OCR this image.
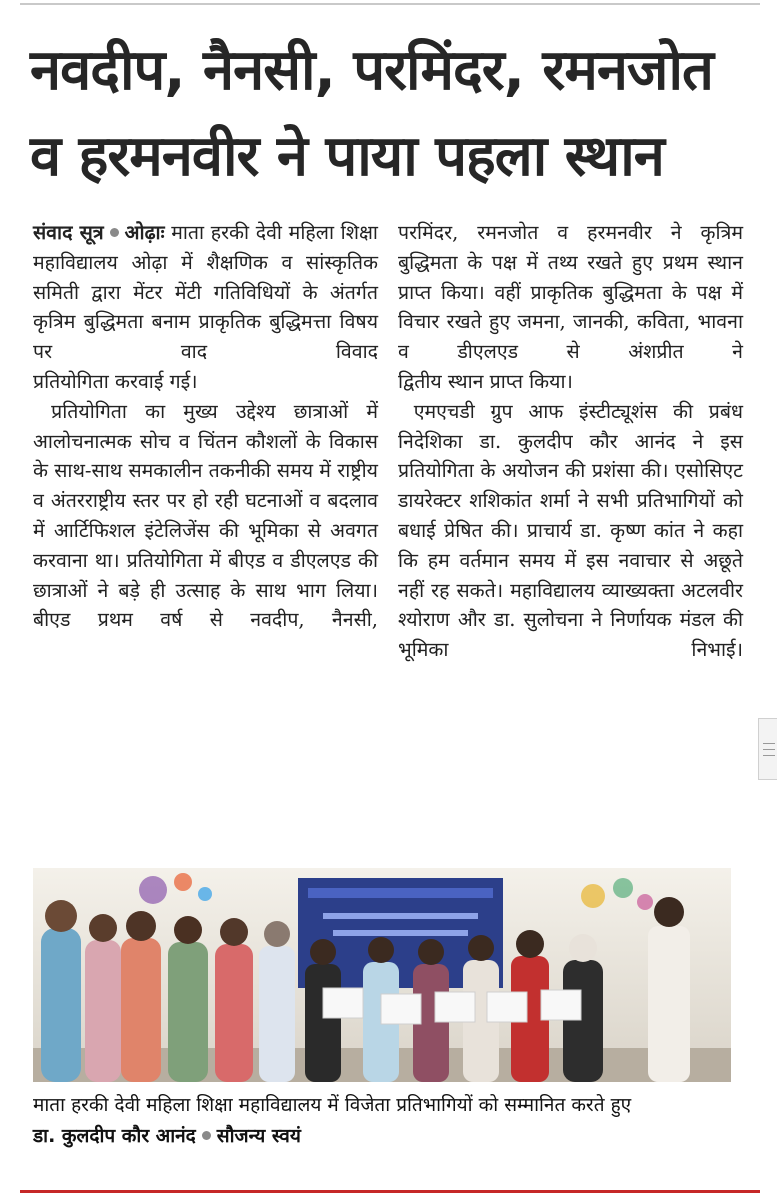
नवदीप, नैनसी, परमिंदर, रमनजोत
व हरमनवीर ने पाया पहला स्थान

संवाद सूत्र ओढ़ाः माता हरकी देवी महिला शिक्षा महाविद्यालय ओढ़ा में शैक्षणिक व सांस्कृतिक समिती द्वारा मेंटर मेंटी गतिविधियों के अंतर्गत कृत्रिम बुद्धिमता बनाम प्राकृतिक बुद्धिमत्ता विषय पर वाद विवाद

प्रतियोगिता करवाई गई।

प्रतियोगिता का मुख्य उद्देश्य छात्राओं में आलोचनात्मक सोच व चिंतन कौशलों के विकास के साथ-साथ समकालीन तकनीकी समय में राष्ट्रीय व अंतरराष्ट्रीय स्तर पर हो रही घटनाओं व बदलाव में आर्टिफिशल इंटेलिजेंस की भूमिका से अवगत करवाना था। प्रतियोगिता में बीएड व डीएलएड की छात्राओं ने बड़े ही उत्साह के साथ भाग लिया। बीएड प्रथम वर्ष से नवदीप, नैनसी,

परमिंदर, रमनजोत व हरमनवीर ने कृत्रिम बुद्धिमता के पक्ष में तथ्य रखते हुए प्रथम स्थान प्राप्त किया। वहीं प्राकृतिक बुद्धिमता के पक्ष में विचार रखते हुए जमना, जानकी, कविता, भावना व डीएलएड से अंशप्रीत ने

द्वितीय स्थान प्राप्त किया।

एमएचडी ग्रुप आफ इंस्टीट्यूशंस की प्रबंध निदेशिका डा. कुलदीप कौर आनंद ने इस प्रतियोगिता के अयोजन की प्रशंसा की। एसोसिएट डायरेक्टर शशिकांत शर्मा ने सभी प्रतिभागियों को बधाई प्रेषित की। प्राचार्य डा. कृष्ण कांत ने कहा कि हम वर्तमान समय में इस नवाचार से अछूते नहीं रह सकते। महाविद्यालय व्याख्यक्ता अटलवीर श्योराण और डा. सुलोचना ने निर्णायक मंडल की भूमिका निभाई।

माता हरकी देवी महिला शिक्षा महाविद्यालय में विजेता प्रतिभागियों को सम्मानित करते हुए
डा. कुलदीप कौर आनंद सौजन्य स्वयं
